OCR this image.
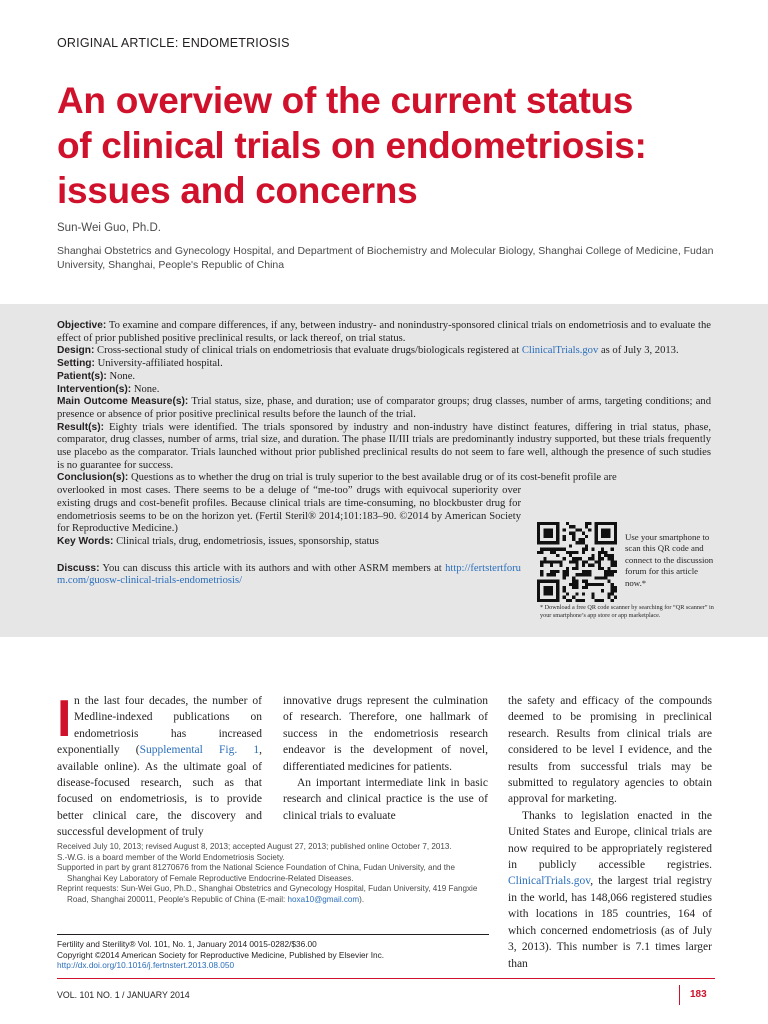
ORIGINAL ARTICLE: ENDOMETRIOSIS
An overview of the current status
of clinical trials on endometriosis:
issues and concerns
Sun-Wei Guo, Ph.D.
Shanghai Obstetrics and Gynecology Hospital, and Department of Biochemistry and Molecular Biology, Shanghai College of Medicine, Fudan University, Shanghai, People's Republic of China

Objective: To examine and compare differences, if any, between industry- and nonindustry-sponsored clinical trials on endometriosis and to evaluate the effect of prior published positive preclinical results, or lack thereof, on trial status.

Design: Cross-sectional study of clinical trials on endometriosis that evaluate drugs/biologicals registered at ClinicalTrials.gov as of July 3, 2013.

Setting: University-affiliated hospital.

Patient(s): None.

Intervention(s): None.

Main Outcome Measure(s): Trial status, size, phase, and duration; use of comparator groups; drug classes, number of arms, targeting conditions; and presence or absence of prior positive preclinical results before the launch of the trial.

Result(s): Eighty trials were identified. The trials sponsored by industry and non-industry have distinct features, differing in trial status, phase, comparator, drug classes, number of arms, trial size, and duration. The phase II/III trials are predominantly industry supported, but these trials frequently use placebo as the comparator. Trials launched without prior published preclinical results do not seem to fare well, although the presence of such studies is no guarantee for success.

Conclusion(s): Questions as to whether the drug on trial is truly superior to the best available drug or of its cost-benefit profile are

overlooked in most cases. There seems to be a deluge of “me-too” drugs with equivocal superiority over existing drugs and cost-benefit profiles. Because clinical trials are time-consuming, no blockbuster drug for endometriosis seems to be on the horizon yet. (Fertil Steril® 2014;101:183–90. ©2014 by American Society for Reproductive Medicine.)

Key Words: Clinical trials, drug, endometriosis, issues, sponsorship, status

Discuss: You can discuss this article with its authors and with other ASRM members at http://fertstertforum.com/guosw-clinical-trials-endometriosis/

Use your smartphone to scan this QR code and connect to the discussion forum for this article now.*
* Download a free QR code scanner by searching for “QR scanner” in your smartphone’s app store or app marketplace.
I n the last four decades, the number of Medline-indexed publications on endometriosis has increased exponentially (Supplemental Fig. 1, available online). As the ultimate goal of disease-focused research, such as that focused on endometriosis, is to provide better clinical care, the discovery and successful development of truly

innovative drugs represent the culmination of research. Therefore, one hallmark of success in the endometriosis research endeavor is the development of novel, differentiated medicines for patients.

An important intermediate link in basic research and clinical practice is the use of clinical trials to evaluate

the safety and efficacy of the compounds deemed to be promising in preclinical research. Results from clinical trials are considered to be level I evidence, and the results from successful trials may be submitted to regulatory agencies to obtain approval for marketing.

Thanks to legislation enacted in the United States and Europe, clinical trials are now required to be appropriately registered in publicly accessible registries. ClinicalTrials.gov, the largest trial registry in the world, has 148,066 registered studies with locations in 185 countries, 164 of which concerned endometriosis (as of July 3, 2013). This number is 7.1 times larger than

Received July 10, 2013; revised August 8, 2013; accepted August 27, 2013; published online October 7, 2013.

S.-W.G. is a board member of the World Endometriosis Society.

Supported in part by grant 81270676 from the National Science Foundation of China, Fudan University, and the Shanghai Key Laboratory of Female Reproductive Endocrine-Related Diseases.

Reprint requests: Sun-Wei Guo, Ph.D., Shanghai Obstetrics and Gynecology Hospital, Fudan University, 419 Fangxie Road, Shanghai 200011, People's Republic of China (E-mail: hoxa10@gmail.com).

Fertility and Sterility® Vol. 101, No. 1, January 2014 0015-0282/$36.00

Copyright ©2014 American Society for Reproductive Medicine, Published by Elsevier Inc.

http://dx.doi.org/10.1016/j.fertnstert.2013.08.050

VOL. 101 NO. 1 / JANUARY 2014	183
